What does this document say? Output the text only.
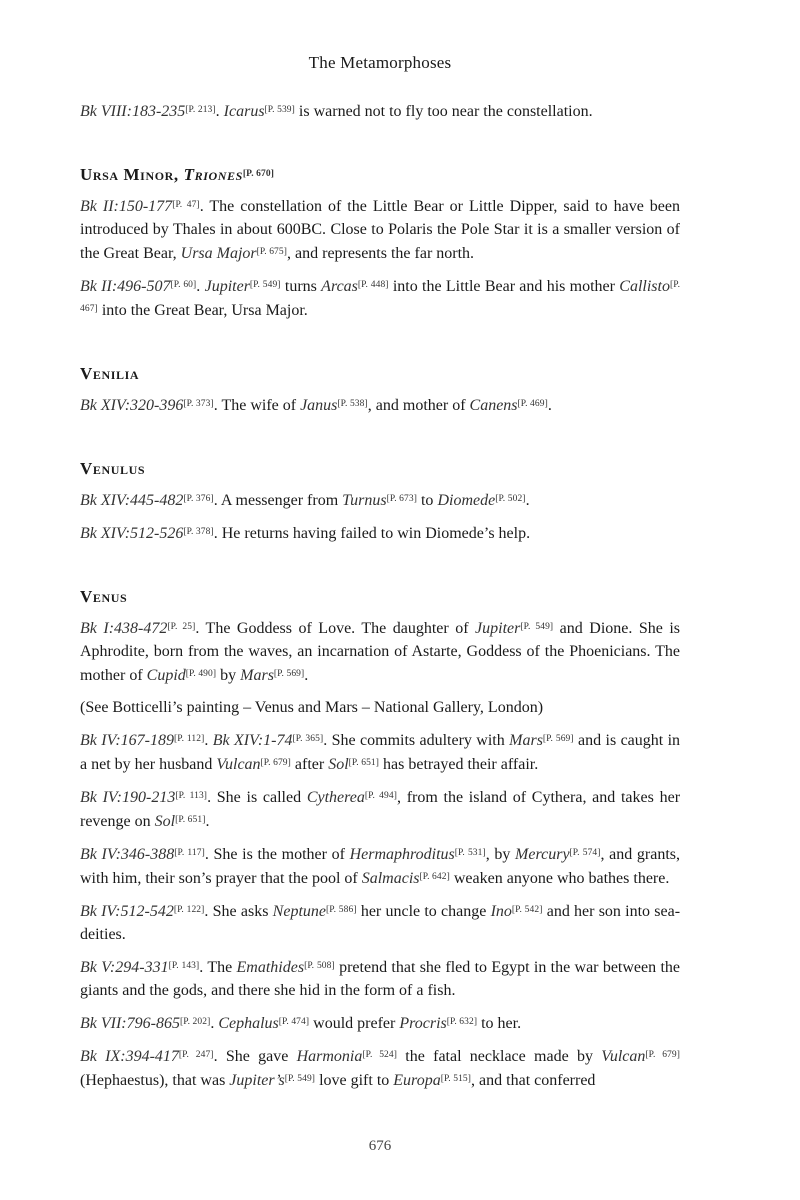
The Metamorphoses

Bk VIII:183-235[P. 213]. Icarus[P. 539] is warned not to fly too near the constellation.

Ursa Minor, Triones[P. 670]

Bk II:150-177[P. 47]. The constellation of the Little Bear or Little Dipper, said to have been introduced by Thales in about 600BC. Close to Polaris the Pole Star it is a smaller version of the Great Bear, Ursa Major[P. 675], and represents the far north.

Bk II:496-507[P. 60]. Jupiter[P. 549] turns Arcas[P. 448] into the Little Bear and his mother Callisto[P. 467] into the Great Bear, Ursa Major.

Venilia

Bk XIV:320-396[P. 373]. The wife of Janus[P. 538], and mother of Canens[P. 469].

Venulus

Bk XIV:445-482[P. 376]. A messenger from Turnus[P. 673] to Diomede[P. 502].

Bk XIV:512-526[P. 378]. He returns having failed to win Diomede’s help.

Venus

Bk I:438-472[P. 25]. The Goddess of Love. The daughter of Jupiter[P. 549] and Dione. She is Aphrodite, born from the waves, an incarnation of Astarte, Goddess of the Phoenicians. The mother of Cupid[P. 490] by Mars[P. 569].

(See Botticelli’s painting – Venus and Mars – National Gallery, London)

Bk IV:167-189[P. 112]. Bk XIV:1-74[P. 365]. She commits adultery with Mars[P. 569] and is caught in a net by her husband Vulcan[P. 679] after Sol[P. 651] has betrayed their affair.

Bk IV:190-213[P. 113]. She is called Cytherea[P. 494], from the island of Cythera, and takes her revenge on Sol[P. 651].

Bk IV:346-388[P. 117]. She is the mother of Hermaphroditus[P. 531], by Mercury[P. 574], and grants, with him, their son’s prayer that the pool of Salmacis[P. 642] weaken anyone who bathes there.

Bk IV:512-542[P. 122]. She asks Neptune[P. 586] her uncle to change Ino[P. 542] and her son into sea-deities.

Bk V:294-331[P. 143]. The Emathides[P. 508] pretend that she fled to Egypt in the war between the giants and the gods, and there she hid in the form of a fish.

Bk VII:796-865[P. 202]. Cephalus[P. 474] would prefer Procris[P. 632] to her.

Bk IX:394-417[P. 247]. She gave Harmonia[P. 524] the fatal necklace made by Vulcan[P. 679] (Hephaestus), that was Jupiter’s[P. 549] love gift to Europa[P. 515], and that conferred

676
